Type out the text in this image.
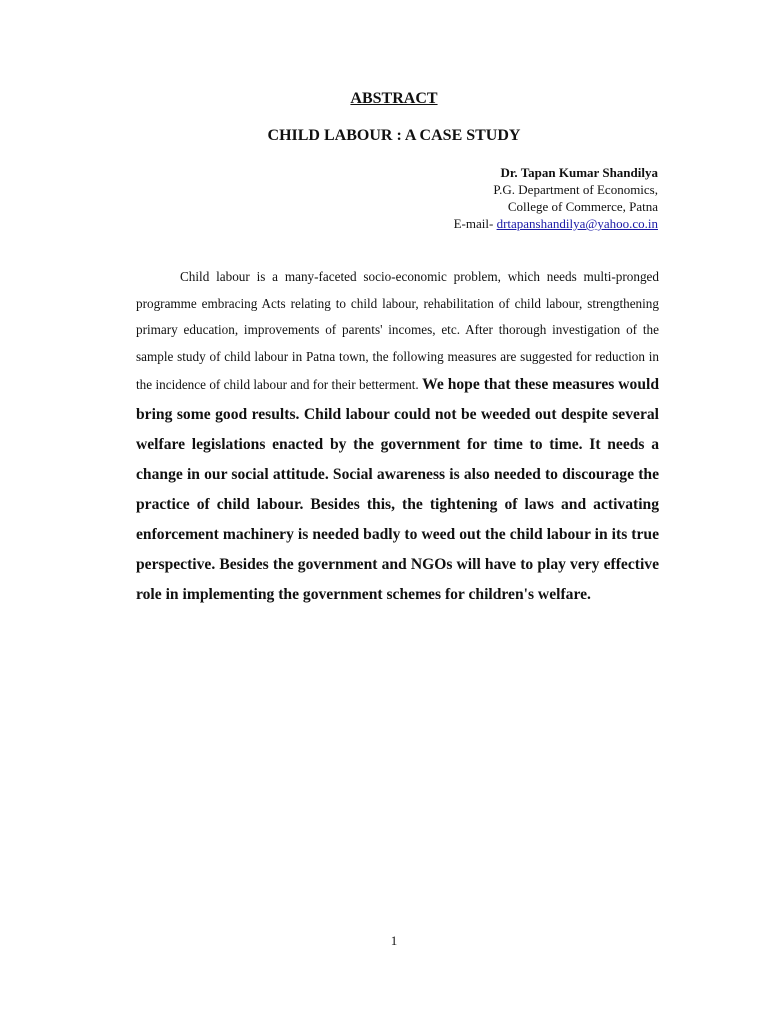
ABSTRACT
CHILD LABOUR : A CASE STUDY
Dr. Tapan Kumar Shandilya
P.G. Department of Economics,
College of Commerce, Patna
E-mail- drtapanshandilya@yahoo.co.in

Child labour is a many-faceted socio-economic problem, which needs multi-pronged programme embracing Acts relating to child labour, rehabilitation of child labour, strengthening primary education, improvements of parents' incomes, etc. After thorough investigation of the sample study of child labour in Patna town, the following measures are suggested for reduction in the incidence of child labour and for their betterment. We hope that these measures would bring some good results. Child labour could not be weeded out despite several welfare legislations enacted by the government for time to time. It needs a change in our social attitude. Social awareness is also needed to discourage the practice of child labour. Besides this, the tightening of laws and activating enforcement machinery is needed badly to weed out the child labour in its true perspective. Besides the government and NGOs will have to play very effective role in implementing the government schemes for children's welfare.

1
